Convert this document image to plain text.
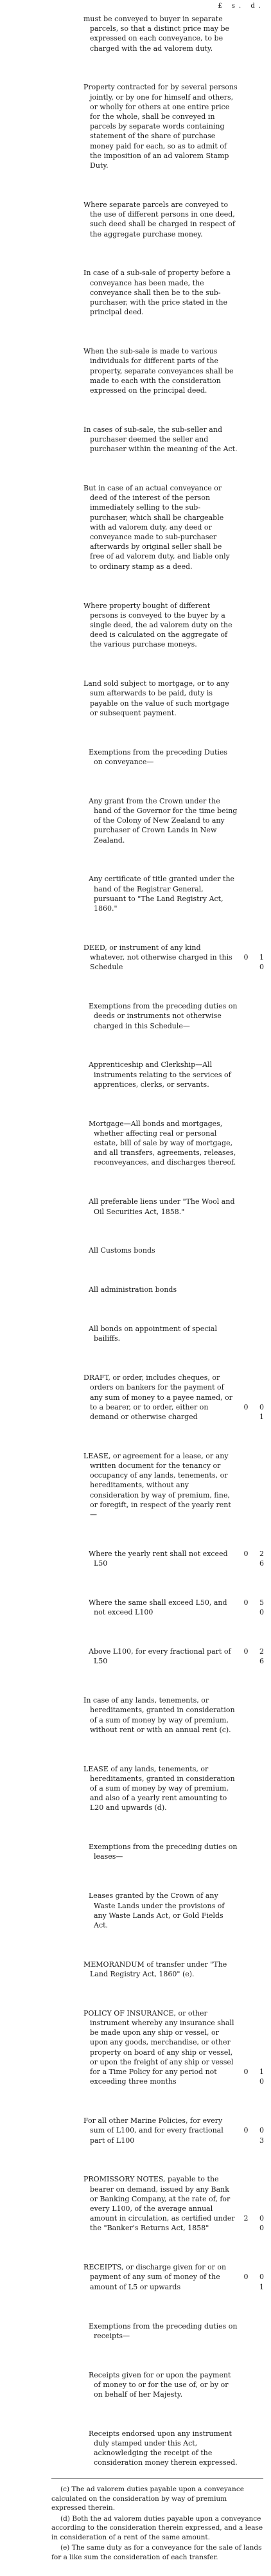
£ s. d.

must be conveyed to buyer in separate parcels, so that a distinct price may be expressed on each conveyance, to be charged with the ad valorem duty.

Property contracted for by several persons jointly, or by one for himself and others, or wholly for others at one entire price for the whole, shall be conveyed in parcels by separate words containing statement of the share of purchase money paid for each, so as to admit of the imposition of an ad valorem Stamp Duty.

Where separate parcels are conveyed to the use of different persons in one deed, such deed shall be charged in respect of the aggregate purchase money.

In case of a sub-sale of property before a conveyance has been made, the conveyance shall then be to the sub-purchaser, with the price stated in the principal deed.

When the sub-sale is made to various individuals for different parts of the property, separate conveyances shall be made to each with the consideration expressed on the principal deed.

In cases of sub-sale, the sub-seller and purchaser deemed the seller and purchaser within the meaning of the Act.

But in case of an actual conveyance or deed of the interest of the person immediately selling to the sub-purchaser, which shall be chargeable with ad valorem duty, any deed or conveyance made to sub-purchaser afterwards by original seller shall be free of ad valorem duty, and liable only to ordinary stamp as a deed.

Where property bought of different persons is conveyed to the buyer by a single deed, the ad valorem duty on the deed is calculated on the aggregate of the various purchase moneys.

Land sold subject to mortgage, or to any sum afterwards to be paid, duty is payable on the value of such mortgage or subsequent payment.

Exemptions from the preceding Duties on conveyance—

Any grant from the Crown under the hand of the Governor for the time being of the Colony of New Zealand to any purchaser of Crown Lands in New Zealand.

Any certificate of title granted under the hand of the Registrar General, pursuant to "The Land Registry Act, 1860."

DEED, or instrument of any kind whatever, not otherwise charged in this Schedule
0 1 0

Exemptions from the preceding duties on deeds or instruments not otherwise charged in this Schedule—

Apprenticeship and Clerkship—All instruments relating to the services of apprentices, clerks, or servants.

Mortgage—All bonds and mortgages, whether affecting real or personal estate, bill of sale by way of mortgage, and all transfers, agreements, releases, reconveyances, and discharges thereof.

All preferable liens under "The Wool and Oil Securities Act, 1858."

All Customs bonds

All administration bonds

All bonds on appointment of special bailiffs.

DRAFT, or order, includes cheques, or orders on bankers for the payment of any sum of money to a payee named, or to a bearer, or to order, either on demand or otherwise charged
0 0 1

LEASE, or agreement for a lease, or any written document for the tenancy or occupancy of any lands, tenements, or hereditaments, without any consideration by way of premium, fine, or foregift, in respect of the yearly rent—

Where the yearly rent shall not exceed L50
0 2 6

Where the same shall exceed L50, and not exceed L100
0 5 0

Above L100, for every fractional part of L50
0 2 6

In case of any lands, tenements, or hereditaments, granted in consideration of a sum of money by way of premium, without rent or with an annual rent (c).

LEASE of any lands, tenements, or hereditaments, granted in consideration of a sum of money by way of premium, and also of a yearly rent amounting to L20 and upwards (d).

Exemptions from the preceding duties on leases—

Leases granted by the Crown of any Waste Lands under the provisions of any Waste Lands Act, or Gold Fields Act.

MEMORANDUM of transfer under "The Land Registry Act, 1860" (e).

POLICY OF INSURANCE, or other instrument whereby any insurance shall be made upon any ship or vessel, or upon any goods, merchandise, or other property on board of any ship or vessel, or upon the freight of any ship or vessel for a Time Policy for any period not exceeding three months
0 1 0

For all other Marine Policies, for every sum of L100, and for every fractional part of L100
0 0 3

PROMISSORY NOTES, payable to the bearer on demand, issued by any Bank or Banking Company, at the rate of, for every L100, of the average annual amount in circulation, as certified under the "Banker's Returns Act, 1858"
2 0 0

RECEIPTS, or discharge given for or on payment of any sum of money of the amount of L5 or upwards
0 0 1

Exemptions from the preceding duties on receipts—

Receipts given for or upon the payment of money to or for the use of, or by or on behalf of her Majesty.

Receipts endorsed upon any instrument duly stamped under this Act, acknowledging the receipt of the consideration money therein expressed.

(c) The ad valorem duties payable upon a conveyance calculated on the consideration by way of premium expressed therein.

(d) Both the ad valorem duties payable upon a conveyance according to the consideration therein expressed, and a lease in consideration of a rent of the same amount.

(e) The same duty as for a conveyance for the sale of lands for a like sum the consideration of each transfer.
